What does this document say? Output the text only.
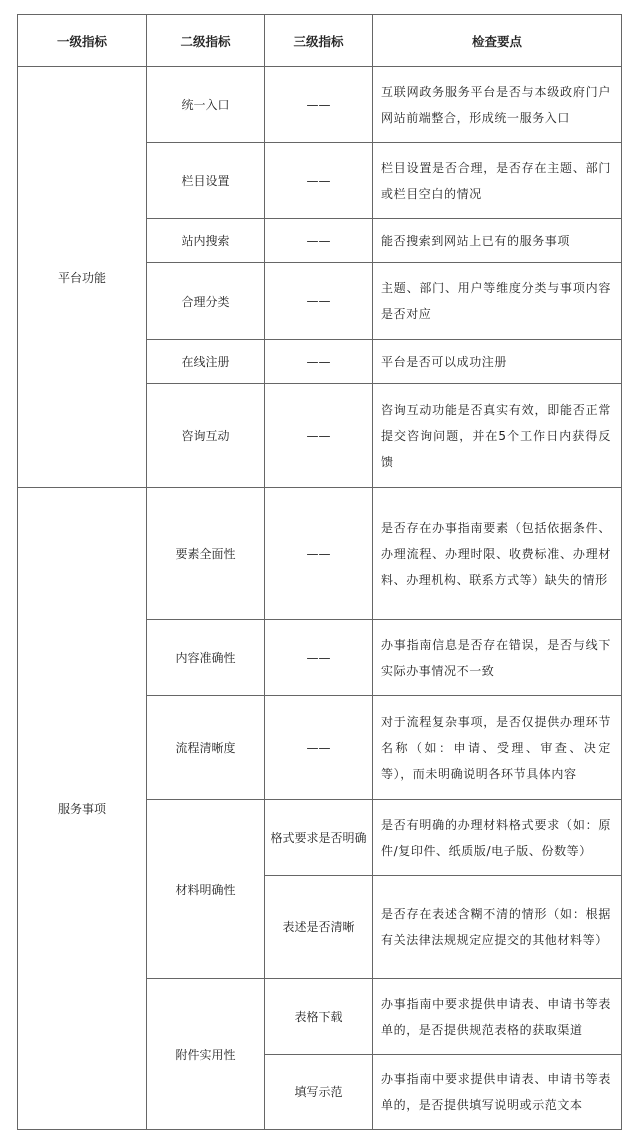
一级指标	二级指标	三级指标	检查要点
平台功能	统一入口	——	互联网政务服务平台是否与本级政府门户网站前端整合，形成统一服务入口
	栏目设置	——	栏目设置是否合理，是否存在主题、部门或栏目空白的情况
	站内搜索	——	能否搜索到网站上已有的服务事项
	合理分类	——	主题、部门、用户等维度分类与事项内容是否对应
	在线注册	——	平台是否可以成功注册
	咨询互动	——	咨询互动功能是否真实有效，即能否正常提交咨询问题，并在5个工作日内获得反馈
服务事项	要素全面性	——	是否存在办事指南要素（包括依据条件、办理流程、办理时限、收费标准、办理材料、办理机构、联系方式等）缺失的情形
	内容准确性	——	办事指南信息是否存在错误，是否与线下实际办事情况不一致
	流程清晰度	——	对于流程复杂事项，是否仅提供办理环节名称（如：申请、受理、审查、决定等），而未明确说明各环节具体内容
	材料明确性	格式要求是否明确	是否有明确的办理材料格式要求（如：原件/复印件、纸质版/电子版、份数等）
		表述是否清晰	是否存在表述含糊不清的情形（如：根据有关法律法规规定应提交的其他材料等）
	附件实用性	表格下载	办事指南中要求提供申请表、申请书等表单的，是否提供规范表格的获取渠道
		填写示范	办事指南中要求提供申请表、申请书等表单的，是否提供填写说明或示范文本
